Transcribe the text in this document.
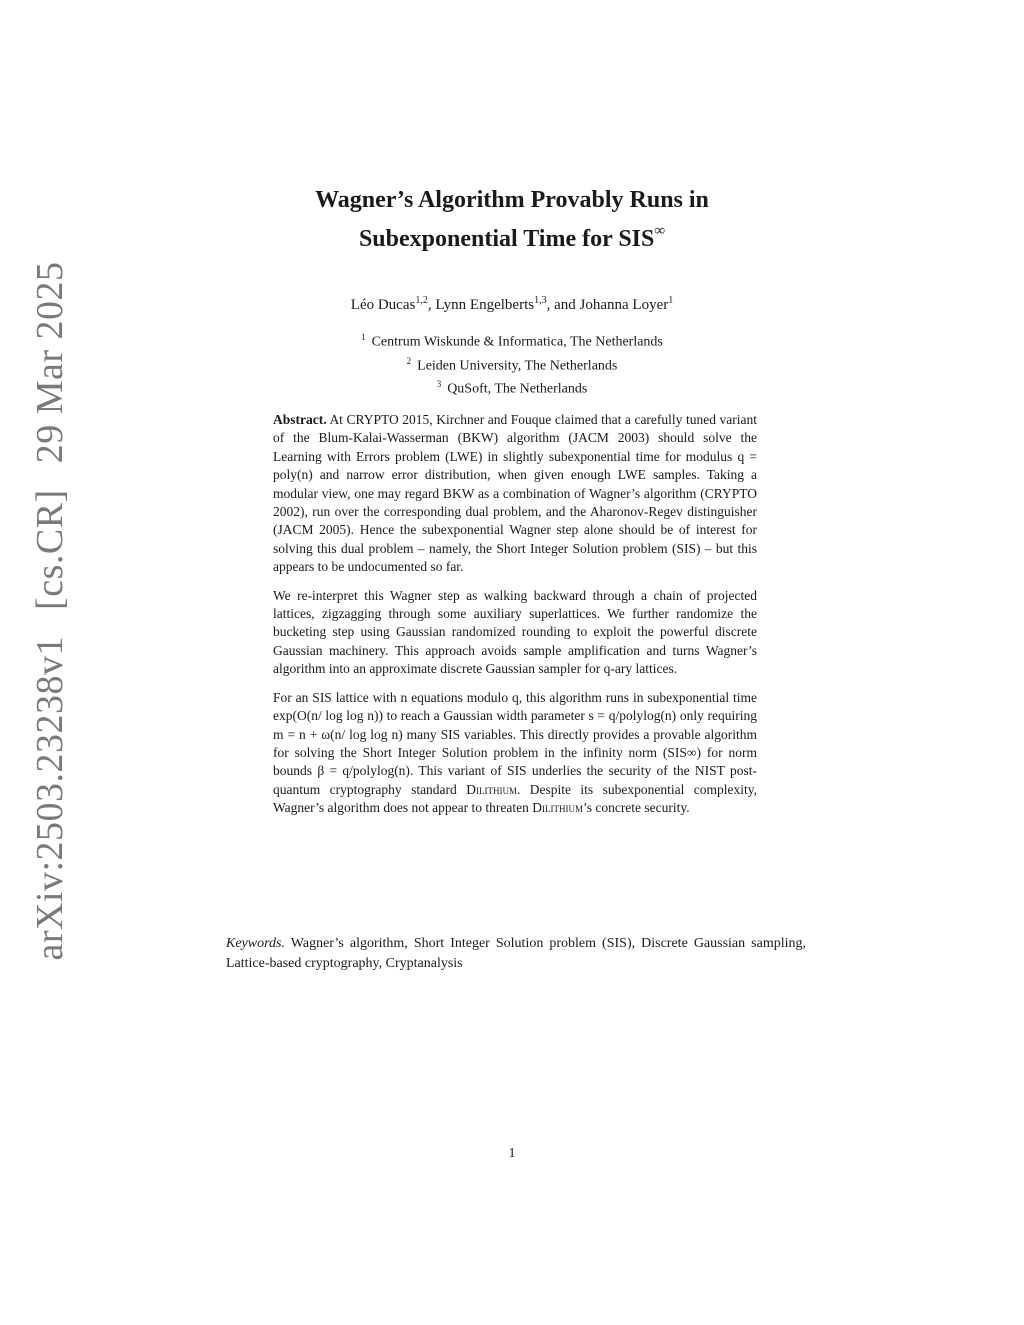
arXiv:2503.23238v1[cs.CR]29 Mar 2025
Wagner’s Algorithm Provably Runs in
Subexponential Time for SIS∞
Léo Ducas$^{1,2}$, Lynn Engelberts$^{1,3}$, and Johanna Loyer$^1$
$^1$ Centrum Wiskunde & Informatica, The Netherlands
$^2$ Leiden University, The Netherlands
$^3$ QuSoft, The Netherlands

Abstract. At CRYPTO 2015, Kirchner and Fouque claimed that a carefully tuned variant of the Blum-Kalai-Wasserman (BKW) algorithm (JACM 2003) should solve the Learning with Errors problem (LWE) in slightly subexponential time for modulus q = poly(n) and narrow error distribution, when given enough LWE samples. Taking a modular view, one may regard BKW as a combination of Wagner’s algorithm (CRYPTO 2002), run over the corresponding dual problem, and the Aharonov-Regev distinguisher (JACM 2005). Hence the subexponential Wagner step alone should be of interest for solving this dual problem – namely, the Short Integer Solution problem (SIS) – but this appears to be undocumented so far.

We re-interpret this Wagner step as walking backward through a chain of projected lattices, zigzagging through some auxiliary superlattices. We further randomize the bucketing step using Gaussian randomized rounding to exploit the powerful discrete Gaussian machinery. This approach avoids sample amplification and turns Wagner’s algorithm into an approximate discrete Gaussian sampler for q-ary lattices.

For an SIS lattice with n equations modulo q, this algorithm runs in subexponential time exp(O(n/ log log n)) to reach a Gaussian width parameter s = q/polylog(n) only requiring m = n + ω(n/ log log n) many SIS variables. This directly provides a provable algorithm for solving the Short Integer Solution problem in the infinity norm (SIS∞) for norm bounds β = q/polylog(n). This variant of SIS underlies the security of the NIST post-quantum cryptography standard Dilithium. Despite its subexponential complexity, Wagner’s algorithm does not appear to threaten Dilithium’s concrete security.

Keywords. Wagner’s algorithm, Short Integer Solution problem (SIS), Discrete Gaussian sampling, Lattice-based cryptography, Cryptanalysis
1
